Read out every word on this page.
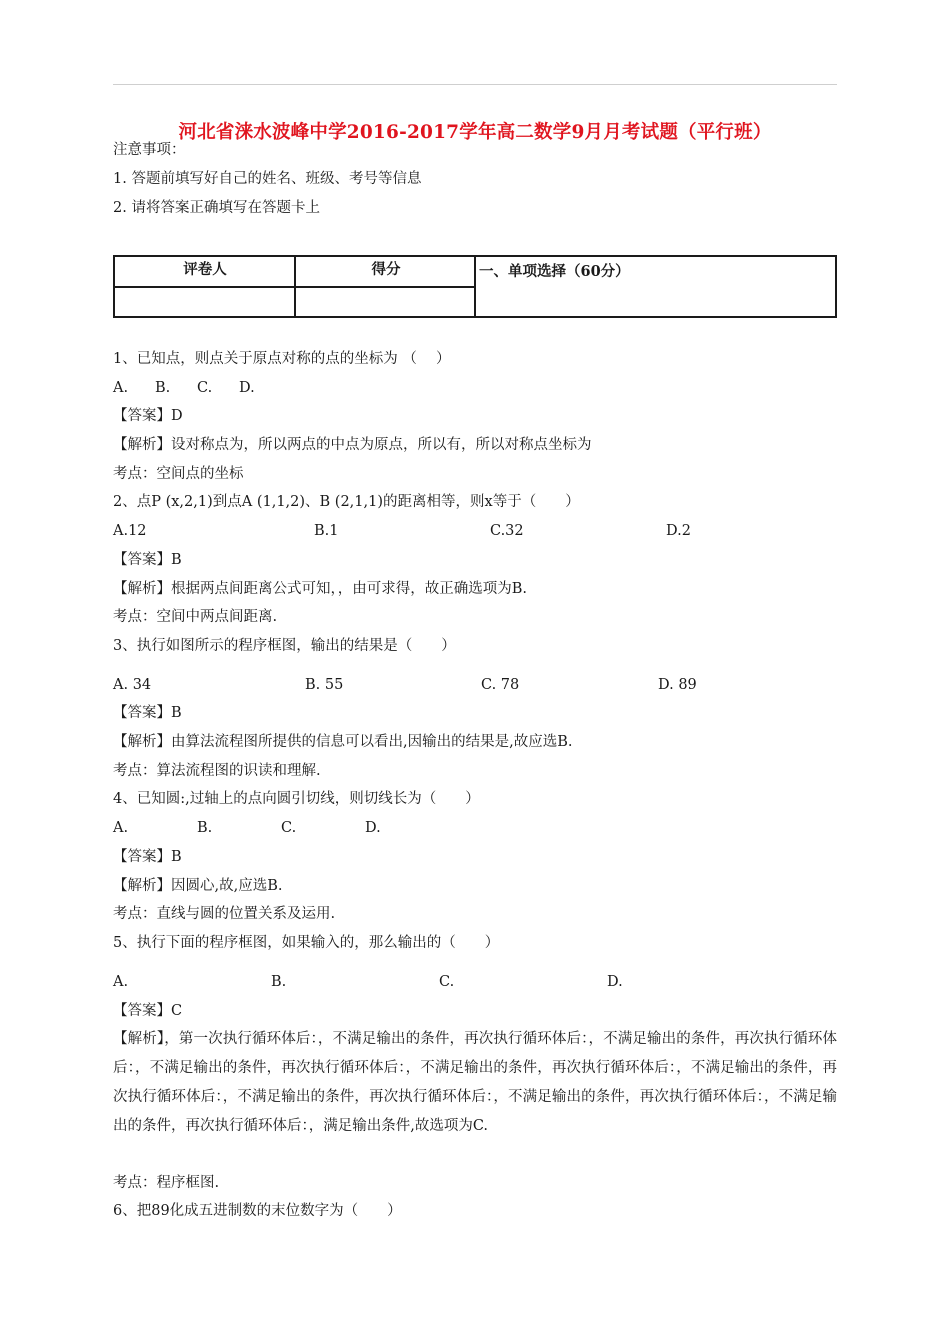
河北省涞水波峰中学2016-2017学年高二数学9月月考试题（平行班）
注意事项：
1. 答题前填写好自己的姓名、班级、考号等信息
2. 请将答案正确填写在答题卡上
评卷人	得分	一、单项选择（60分）
1、已知点，则点关于原点对称的点的坐标为 （　 ）
A. B. C. D.
【答案】D
【解析】设对称点为，所以两点的中点为原点，所以有，所以对称点坐标为
考点：空间点的坐标
2、点P (x,2,1)到点A (1,1,2)、B (2,1,1)的距离相等，则x等于（　　）
A.12	B.1	C.32	D.2
【答案】B
【解析】根据两点间距离公式可知，，由可求得，故正确选项为B.
考点：空间中两点间距离.
3、执行如图所示的程序框图，输出的结果是（　　）
A. 34	B. 55	C. 78	D. 89
【答案】B
【解析】由算法流程图所提供的信息可以看出,因输出的结果是,故应选B.
考点：算法流程图的识读和理解.
4、已知圆:,过轴上的点向圆引切线，则切线长为（　　）
A.	B.	C.	D.
【答案】B
【解析】因圆心,故,应选B.
考点：直线与圆的位置关系及运用.
5、执行下面的程序框图，如果输入的，那么输出的（　　）
A.	B.	C.	D.
【答案】C
【解析】，第一次执行循环体后：，不满足输出的条件，再次执行循环体后：，不满足输出的条件，再次执行循环体后：，不满足输出的条件，再次执行循环体后：，不满足输出的条件，再次执行循环体后：，不满足输出的条件，再次执行循环体后：，不满足输出的条件，再次执行循环体后：，不满足输出的条件，再次执行循环体后：，不满足输出的条件，再次执行循环体后：，满足输出条件,故选项为C.
考点：程序框图.
6、把89化成五进制数的末位数字为（　　）
